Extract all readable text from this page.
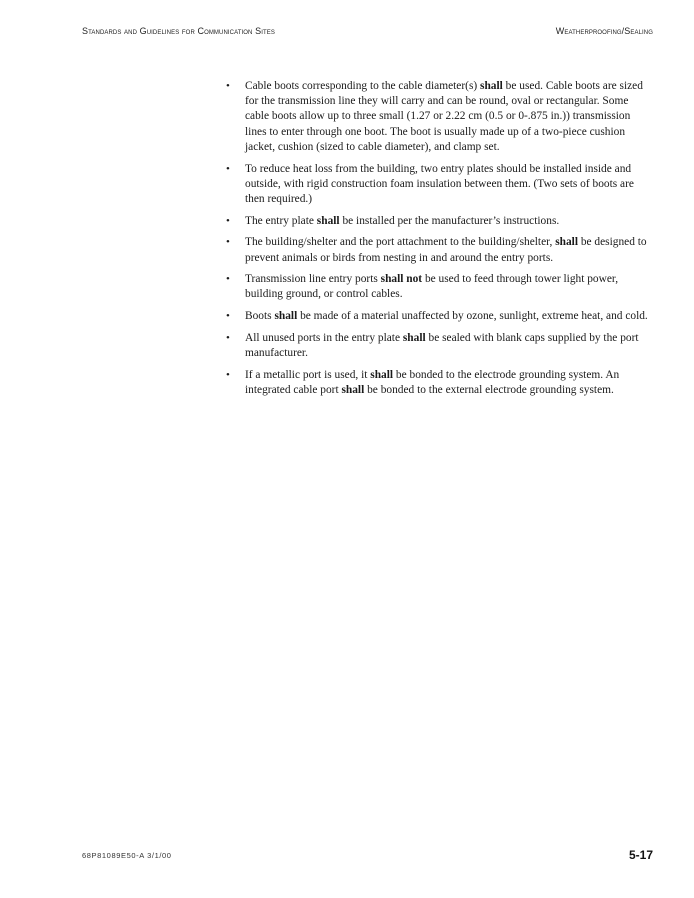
Standards and Guidelines for Communication Sites	Weatherproofing/Sealing
• Cable boots corresponding to the cable diameter(s) shall be used. Cable boots are sized for the transmission line they will carry and can be round, oval or rectangular. Some cable boots allow up to three small (1.27 or 2.22 cm (0.5 or 0-.875 in.)) transmission lines to enter through one boot. The boot is usually made up of a two-piece cushion jacket, cushion (sized to cable diameter), and clamp set.
• To reduce heat loss from the building, two entry plates should be installed inside and outside, with rigid construction foam insulation between them. (Two sets of boots are then required.)
• The entry plate shall be installed per the manufacturer’s instructions.
• The building/shelter and the port attachment to the building/shelter, shall be designed to prevent animals or birds from nesting in and around the entry ports.
• Transmission line entry ports shall not be used to feed through tower light power, building ground, or control cables.
• Boots shall be made of a material unaffected by ozone, sunlight, extreme heat, and cold.
• All unused ports in the entry plate shall be sealed with blank caps supplied by the port manufacturer.
• If a metallic port is used, it shall be bonded to the electrode grounding system. An integrated cable port shall be bonded to the external electrode grounding system.
68P81089E50-A 3/1/00	5-17
